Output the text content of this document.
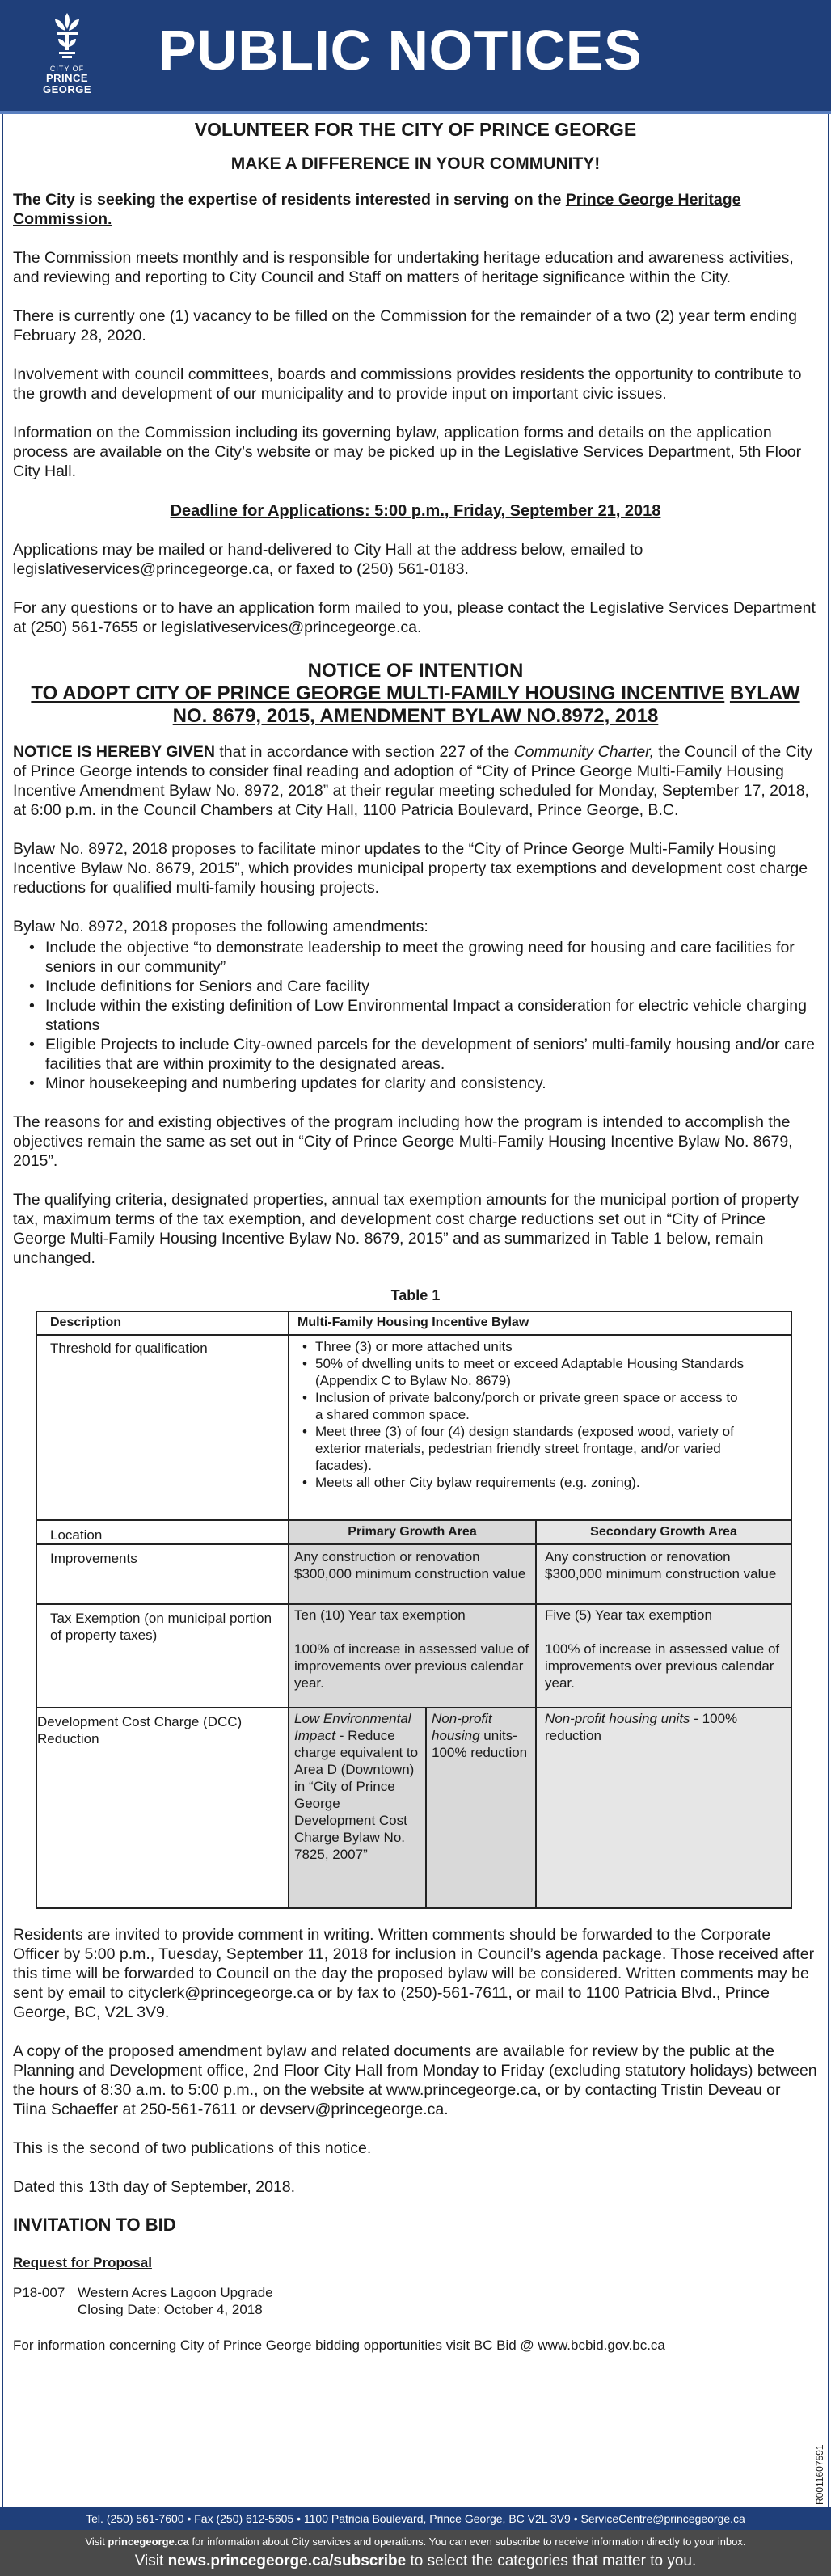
CITY OF
PRINCE GEORGE
PUBLIC NOTICES
VOLUNTEER FOR THE CITY OF PRINCE GEORGE
MAKE A DIFFERENCE IN YOUR COMMUNITY!

The City is seeking the expertise of residents interested in serving on the Prince George Heritage Commission.

The Commission meets monthly and is responsible for undertaking heritage education and awareness activities, and reviewing and reporting to City Council and Staff on matters of heritage significance within the City.

There is currently one (1) vacancy to be filled on the Commission for the remainder of a two (2) year term ending February 28, 2020.

Involvement with council committees, boards and commissions provides residents the opportunity to contribute to the growth and development of our municipality and to provide input on important civic issues.

Information on the Commission including its governing bylaw, application forms and details on the application process are available on the City’s website or may be picked up in the Legislative Services Department, 5th Floor City Hall.

Deadline for Applications: 5:00 p.m., Friday, September 21, 2018

Applications may be mailed or hand-delivered to City Hall at the address below, emailed to legislativeservices@princegeorge.ca, or faxed to (250) 561-0183.

For any questions or to have an application form mailed to you, please contact the Legislative Services Department at (250) 561-7655 or legislativeservices@princegeorge.ca.

NOTICE OF INTENTION
TO ADOPT CITY OF PRINCE GEORGE MULTI-FAMILY HOUSING INCENTIVE BYLAW NO. 8679, 2015, AMENDMENT BYLAW NO.8972, 2018

NOTICE IS HEREBY GIVEN that in accordance with section 227 of the Community Charter, the Council of the City of Prince George intends to consider final reading and adoption of “City of Prince George Multi-Family Housing Incentive Amendment Bylaw No. 8972, 2018” at their regular meeting scheduled for Monday, September 17, 2018, at 6:00 p.m. in the Council Chambers at City Hall, 1100 Patricia Boulevard, Prince George, B.C.

Bylaw No. 8972, 2018 proposes to facilitate minor updates to the “City of Prince George Multi-Family Housing Incentive Bylaw No. 8679, 2015”, which provides municipal property tax exemptions and development cost charge reductions for qualified multi-family housing projects.

Bylaw No. 8972, 2018 proposes the following amendments:

• Include the objective “to demonstrate leadership to meet the growing need for housing and care facilities for seniors in our community”
• Include definitions for Seniors and Care facility
• Include within the existing definition of Low Environmental Impact a consideration for electric vehicle charging stations
• Eligible Projects to include City-owned parcels for the development of seniors’ multi-family housing and/or care facilities that are within proximity to the designated areas.
• Minor housekeeping and numbering updates for clarity and consistency.

The reasons for and existing objectives of the program including how the program is intended to accomplish the objectives remain the same as set out in “City of Prince George Multi-Family Housing Incentive Bylaw No. 8679, 2015”.

The qualifying criteria, designated properties, annual tax exemption amounts for the municipal portion of property tax, maximum terms of the tax exemption, and development cost charge reductions set out in “City of Prince George Multi-Family Housing Incentive Bylaw No. 8679, 2015” and as summarized in Table 1 below, remain unchanged.

Table 1
Description	Multi-Family Housing Incentive Bylaw
Threshold for qualification
•	Three (3) or more attached units
• 50% of dwelling units to meet or exceed Adaptable Housing Standards (Appendix C to Bylaw No. 8679)
• Inclusion of private balcony/porch or private green space or access to a shared common space.
• Meet three (3) of four (4) design standards (exposed wood, variety of exterior materials, pedestrian friendly street frontage, and/or varied facades).
• Meets all other City bylaw requirements (e.g. zoning).
Location	Primary Growth Area	Secondary Growth Area
Improvements	Any construction or renovation $300,000 minimum construction value
Any construction or renovation $300,000 minimum construction value
Tax Exemption (on municipal portion of property taxes)
Ten (10) Year tax exemption
100% of increase in assessed value of improvements over previous calendar year.
Five (5) Year tax exemption
100% of increase in assessed value of improvements over previous calendar year.
Development Cost Charge (DCC) Reduction
Low Environmental Impact - Reduce charge equivalent to Area D (Downtown) in “City of Prince George Development Cost Charge Bylaw No. 7825, 2007”
Non-profit housing units- 100% reduction
Non-profit housing units - 100% reduction

Residents are invited to provide comment in writing. Written comments should be forwarded to the Corporate Officer by 5:00 p.m., Tuesday, September 11, 2018 for inclusion in Council’s agenda package. Those received after this time will be forwarded to Council on the day the proposed bylaw will be considered. Written comments may be sent by email to cityclerk@princegeorge.ca or by fax to (250)-561-7611, or mail to 1100 Patricia Blvd., Prince George, BC, V2L 3V9.

A copy of the proposed amendment bylaw and related documents are available for review by the public at the Planning and Development office, 2nd Floor City Hall from Monday to Friday (excluding statutory holidays) between the hours of 8:30 a.m. to 5:00 p.m., on the website at www.princegeorge.ca, or by contacting Tristin Deveau or Tiina Schaeffer at 250-561-7611 or devserv@princegeorge.ca.

This is the second of two publications of this notice.

Dated this 13th day of September, 2018.

INVITATION TO BID
Request for Proposal
P18-007 Western Acres Lagoon Upgrade
Closing Date: October 4, 2018
For information concerning City of Prince George bidding opportunities visit BC Bid @ www.bcbid.gov.bc.ca
R0011607591
Tel. (250) 561-7600 • Fax (250) 612-5605 • 1100 Patricia Boulevard, Prince George, BC V2L 3V9 • ServiceCentre@princegeorge.ca
Visit princegeorge.ca for information about City services and operations. You can even subscribe to receive information directly to your inbox.
Visit news.princegeorge.ca/subscribe to select the categories that matter to you.
